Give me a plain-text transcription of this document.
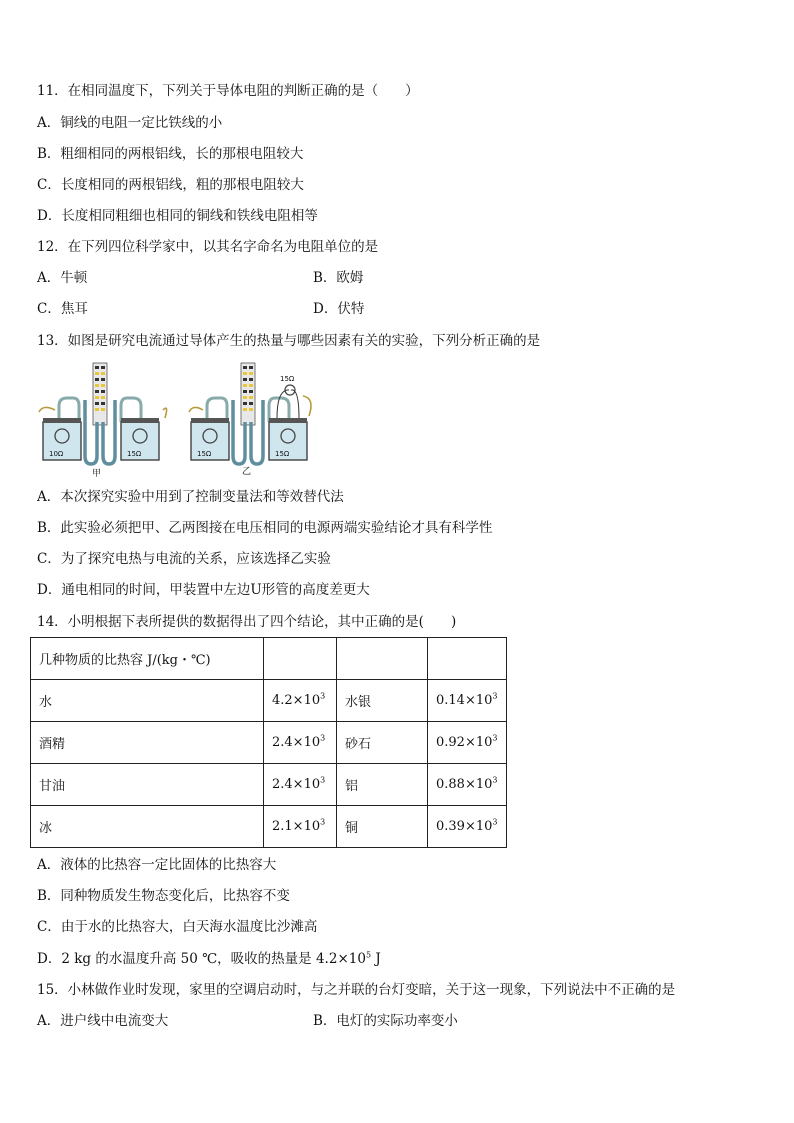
11．在相同温度下，下列关于导体电阻的判断正确的是（　　）
A．铜线的电阻一定比铁线的小
B．粗细相同的两根铝线，长的那根电阻较大
C．长度相同的两根铝线，粗的那根电阻较大
D．长度相同粗细也相同的铜线和铁线电阻相等
12．在下列四位科学家中，以其名字命名为电阻单位的是
A．牛顿	B．欧姆
C．焦耳	D．伏特
13．如图是研究电流通过导体产生的热量与哪些因素有关的实验，下列分析正确的是
10Ω	15Ω
甲
15Ω	15Ω
15Ω
乙
A．本次探究实验中用到了控制变量法和等效替代法
B．此实验必须把甲、乙两图接在电压相同的电源两端实验结论才具有科学性
C．为了探究电热与电流的关系，应该选择乙实验
D．通电相同的时间，甲装置中左边U形管的高度差更大
14．小明根据下表所提供的数据得出了四个结论，其中正确的是(　　)
几种物质的比热容 J/(kg・℃)			
水	$4.2\times 10^3$	水银	$0.14\times 10^3$
酒精	$2.4\times 10^3$	砂石	$0.92\times 10^3$
甘油	$2.4\times 10^3$	铝	$0.88\times 10^3$
冰	$2.1\times 10^3$	铜	$0.39\times 10^3$
A．液体的比热容一定比固体的比热容大
B．同种物质发生物态变化后，比热容不变
C．由于水的比热容大，白天海水温度比沙滩高
D．2 kg 的水温度升高 50 ℃，吸收的热量是 $4.2\times 10^5$ J
15．小林做作业时发现，家里的空调启动时，与之并联的台灯变暗，关于这一现象，下列说法中不正确的是
A．进户线中电流变大	B．电灯的实际功率变小
